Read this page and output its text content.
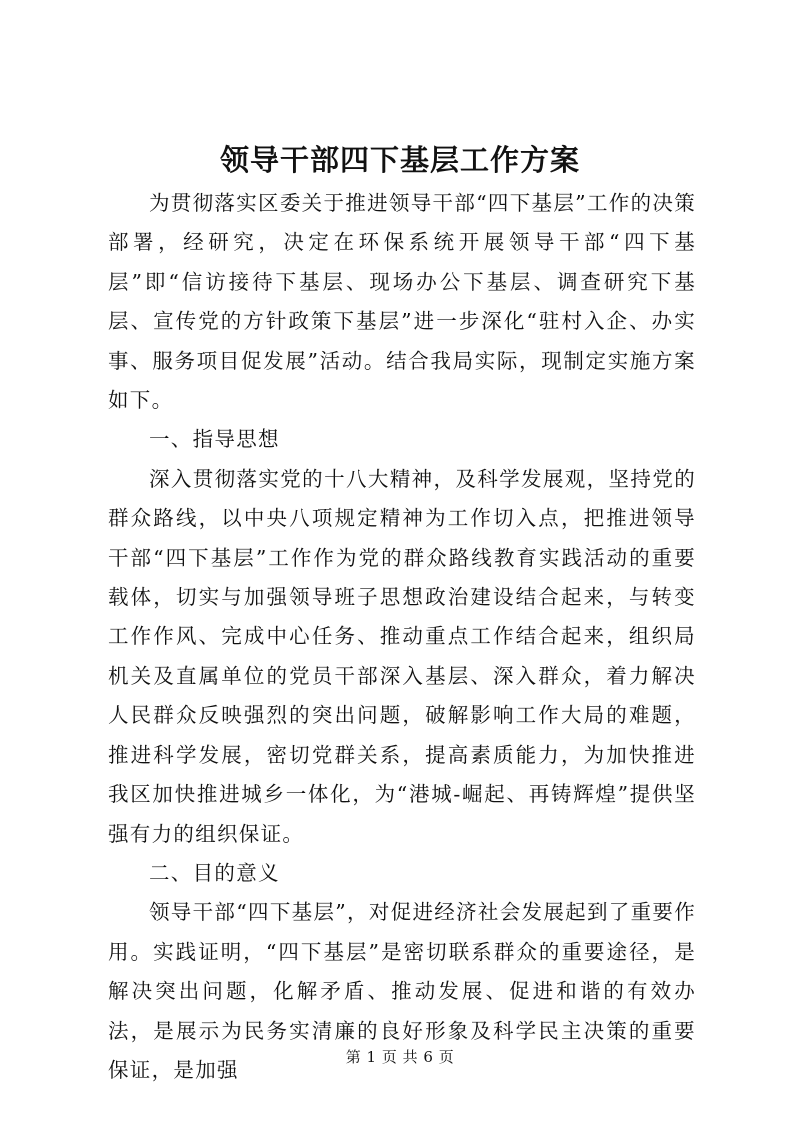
领导干部四下基层工作方案

为贯彻落实区委关于推进领导干部“四下基层”工作的决策部署，经研究，决定在环保系统开展领导干部“四下基层”即“信访接待下基层、现场办公下基层、调查研究下基层、宣传党的方针政策下基层”进一步深化“驻村入企、办实事、服务项目促发展”活动。结合我局实际，现制定实施方案如下。

一、指导思想

深入贯彻落实党的十八大精神，及科学发展观，坚持党的群众路线，以中央八项规定精神为工作切入点，把推进领导干部“四下基层”工作作为党的群众路线教育实践活动的重要载体，切实与加强领导班子思想政治建设结合起来，与转变工作作风、完成中心任务、推动重点工作结合起来，组织局机关及直属单位的党员干部深入基层、深入群众，着力解决人民群众反映强烈的突出问题，破解影响工作大局的难题，推进科学发展，密切党群关系，提高素质能力，为加快推进我区加快推进城乡一体化，为“港城-崛起、再铸辉煌”提供坚强有力的组织保证。

二、目的意义

领导干部“四下基层”，对促进经济社会发展起到了重要作用。实践证明，“四下基层”是密切联系群众的重要途径，是解决突出问题，化解矛盾、推动发展、促进和谐的有效办法，是展示为民务实清廉的良好形象及科学民主决策的重要保证，是加强

第 1 页 共 6 页
